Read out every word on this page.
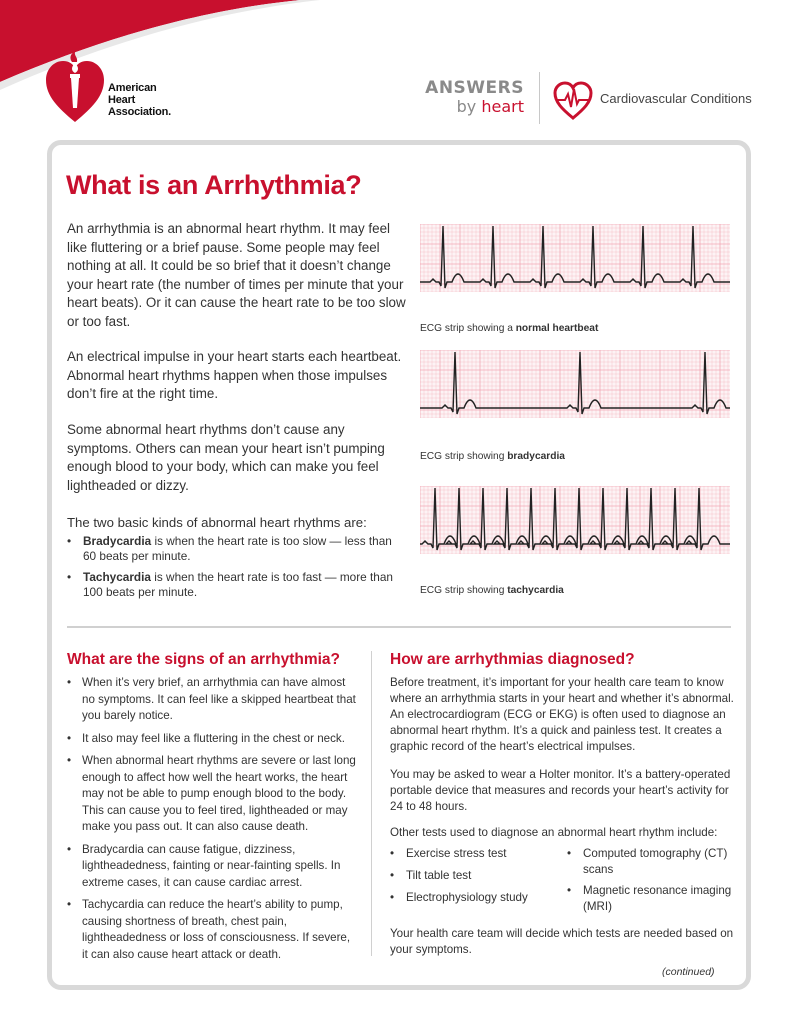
American
Heart
Association.
ANSWERS
by heart	Cardiovascular Conditions
What is an Arrhythmia?

An arrhythmia is an abnormal heart rhythm. It may feel like fluttering or a brief pause. Some people may feel nothing at all. It could be so brief that it doesn’t change your heart rate (the number of times per minute that your heart beats). Or it can cause the heart rate to be too slow or too fast.

An electrical impulse in your heart starts each heartbeat. Abnormal heart rhythms happen when those impulses don’t fire at the right time.

Some abnormal heart rhythms don’t cause any symptoms. Others can mean your heart isn’t pumping enough blood to your body, which can make you feel lightheaded or dizzy.

The two basic kinds of abnormal heart rhythms are:
• Bradycardia is when the heart rate is too slow — less than 60 beats per minute.
• Tachycardia is when the heart rate is too fast — more than 100 beats per minute.
ECG strip showing a normal heartbeat
ECG strip showing bradycardia
ECG strip showing tachycardia
What are the signs of an arrhythmia?
• When it’s very brief, an arrhythmia can have almost no symptoms. It can feel like a skipped heartbeat that you barely notice.
• It also may feel like a fluttering in the chest or neck.
• When abnormal heart rhythms are severe or last long enough to affect how well the heart works, the heart may not be able to pump enough blood to the body. This can cause you to feel tired, lightheaded or may make you pass out. It can also cause death.
• Bradycardia can cause fatigue, dizziness, lightheadedness, fainting or near-fainting spells. In extreme cases, it can cause cardiac arrest.
• Tachycardia can reduce the heart’s ability to pump, causing shortness of breath, chest pain, lightheadedness or loss of consciousness. If severe, it can also cause heart attack or death.
How are arrhythmias diagnosed?

Before treatment, it’s important for your health care team to know where an arrhythmia starts in your heart and whether it’s abnormal. An electrocardiogram (ECG or EKG) is often used to diagnose an abnormal heart rhythm. It’s a quick and painless test. It creates a graphic record of the heart’s electrical impulses.

You may be asked to wear a Holter monitor. It’s a battery-operated portable device that measures and records your heart’s activity for 24 to 48 hours.

Other tests used to diagnose an abnormal heart rhythm include:

• Exercise stress test
• Tilt table test
• Electrophysiology study
• Computed tomography (CT) scans
• Magnetic resonance imaging (MRI)

Your health care team will decide which tests are needed based on your symptoms.

(continued)
